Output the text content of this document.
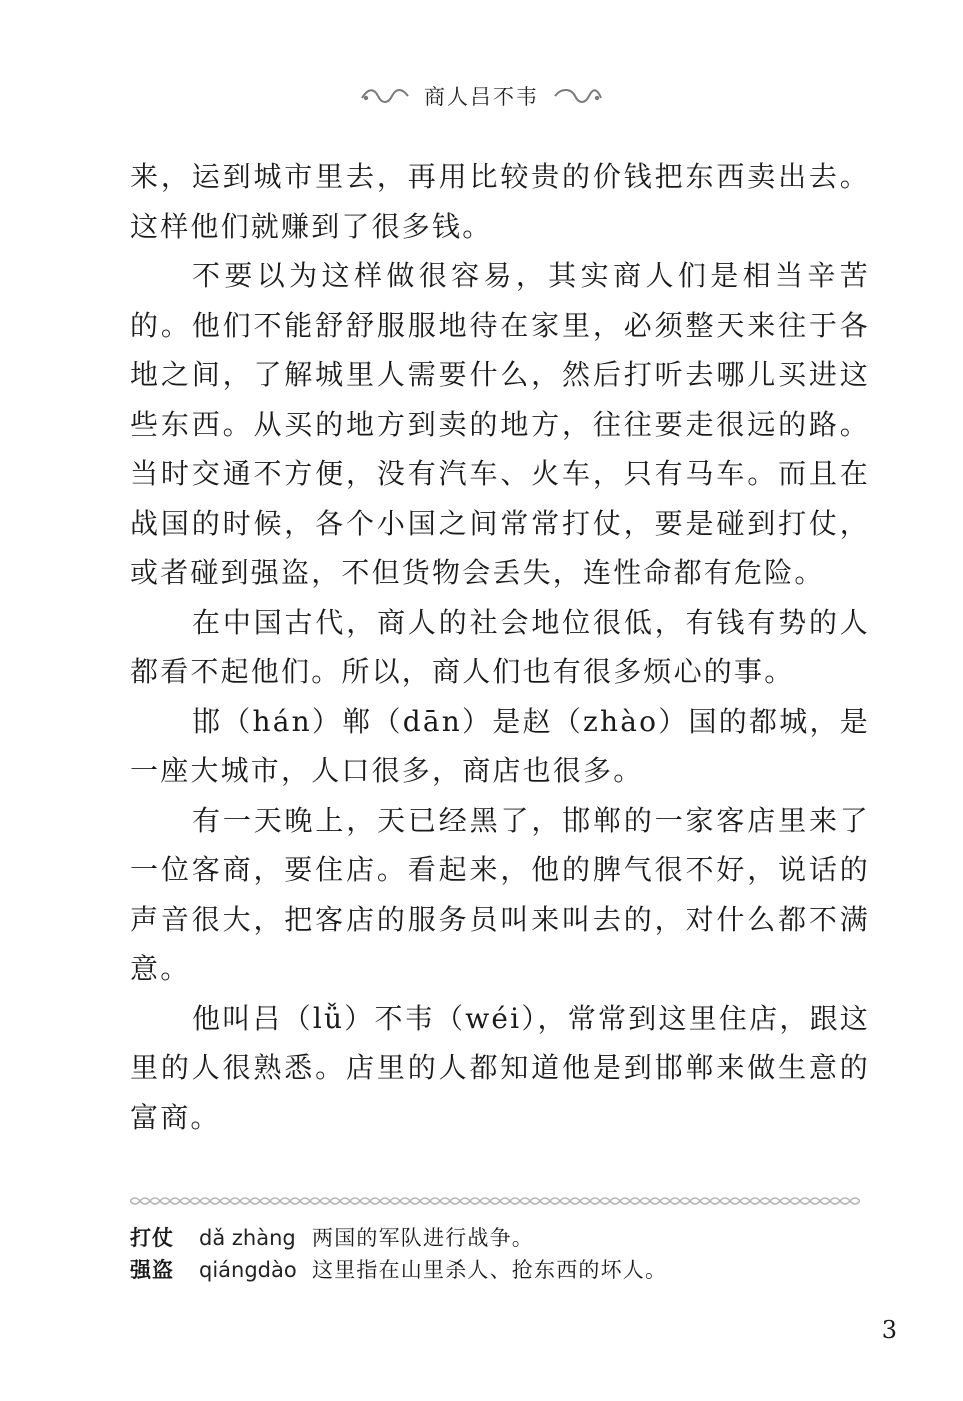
商人吕不韦

来，运到城市里去，再用比较贵的价钱把东西卖出去。这样他们就赚到了很多钱。

不要以为这样做很容易，其实商人们是相当辛苦的。他们不能舒舒服服地待在家里，必须整天来往于各地之间，了解城里人需要什么，然后打听去哪儿买进这些东西。从买的地方到卖的地方，往往要走很远的路。当时交通不方便，没有汽车、火车，只有马车。而且在战国的时候，各个小国之间常常打仗，要是碰到打仗，或者碰到强盗，不但货物会丢失，连性命都有危险。

在中国古代，商人的社会地位很低，有钱有势的人都看不起他们。所以，商人们也有很多烦心的事。

邯（hán）郸（dān）是赵（zhào）国的都城，是一座大城市，人口很多，商店也很多。

有一天晚上，天已经黑了，邯郸的一家客店里来了一位客商，要住店。看起来，他的脾气很不好，说话的声音很大，把客店的服务员叫来叫去的，对什么都不满意。

他叫吕（lǚ）不韦（wéi），常常到这里住店，跟这里的人很熟悉。店里的人都知道他是到邯郸来做生意的富商。

打仗	dǎ zhàng 两国的军队进行战争。
强盗	qiángdào 这里指在山里杀人、抢东西的坏人。
3
